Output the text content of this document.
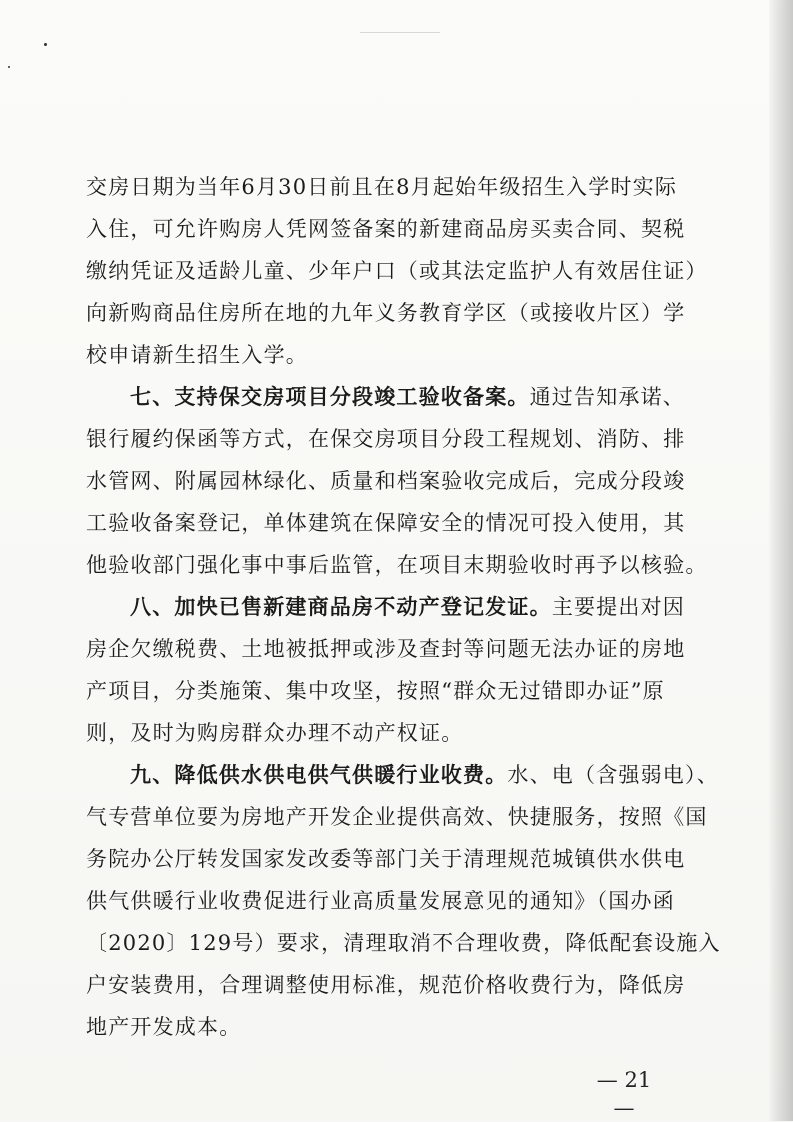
交房日期为当年6月30日前且在8月起始年级招生入学时实际
入住，可允许购房人凭网签备案的新建商品房买卖合同、契税
缴纳凭证及适龄儿童、少年户口（或其法定监护人有效居住证）
向新购商品住房所在地的九年义务教育学区（或接收片区）学
校申请新生招生入学。
七、支持保交房项目分段竣工验收备案。通过告知承诺、
银行履约保函等方式，在保交房项目分段工程规划、消防、排
水管网、附属园林绿化、质量和档案验收完成后，完成分段竣
工验收备案登记，单体建筑在保障安全的情况可投入使用，其
他验收部门强化事中事后监管，在项目末期验收时再予以核验。
八、加快已售新建商品房不动产登记发证。主要提出对因
房企欠缴税费、土地被抵押或涉及查封等问题无法办证的房地
产项目，分类施策、集中攻坚，按照“群众无过错即办证”原
则，及时为购房群众办理不动产权证。
九、降低供水供电供气供暖行业收费。水、电（含强弱电）、
气专营单位要为房地产开发企业提供高效、快捷服务，按照《国
务院办公厅转发国家发改委等部门关于清理规范城镇供水供电
供气供暖行业收费促进行业高质量发展意见的通知》（国办函
〔2020〕129号）要求，清理取消不合理收费，降低配套设施入
户安装费用，合理调整使用标准，规范价格收费行为，降低房
地产开发成本。
— 21 —
